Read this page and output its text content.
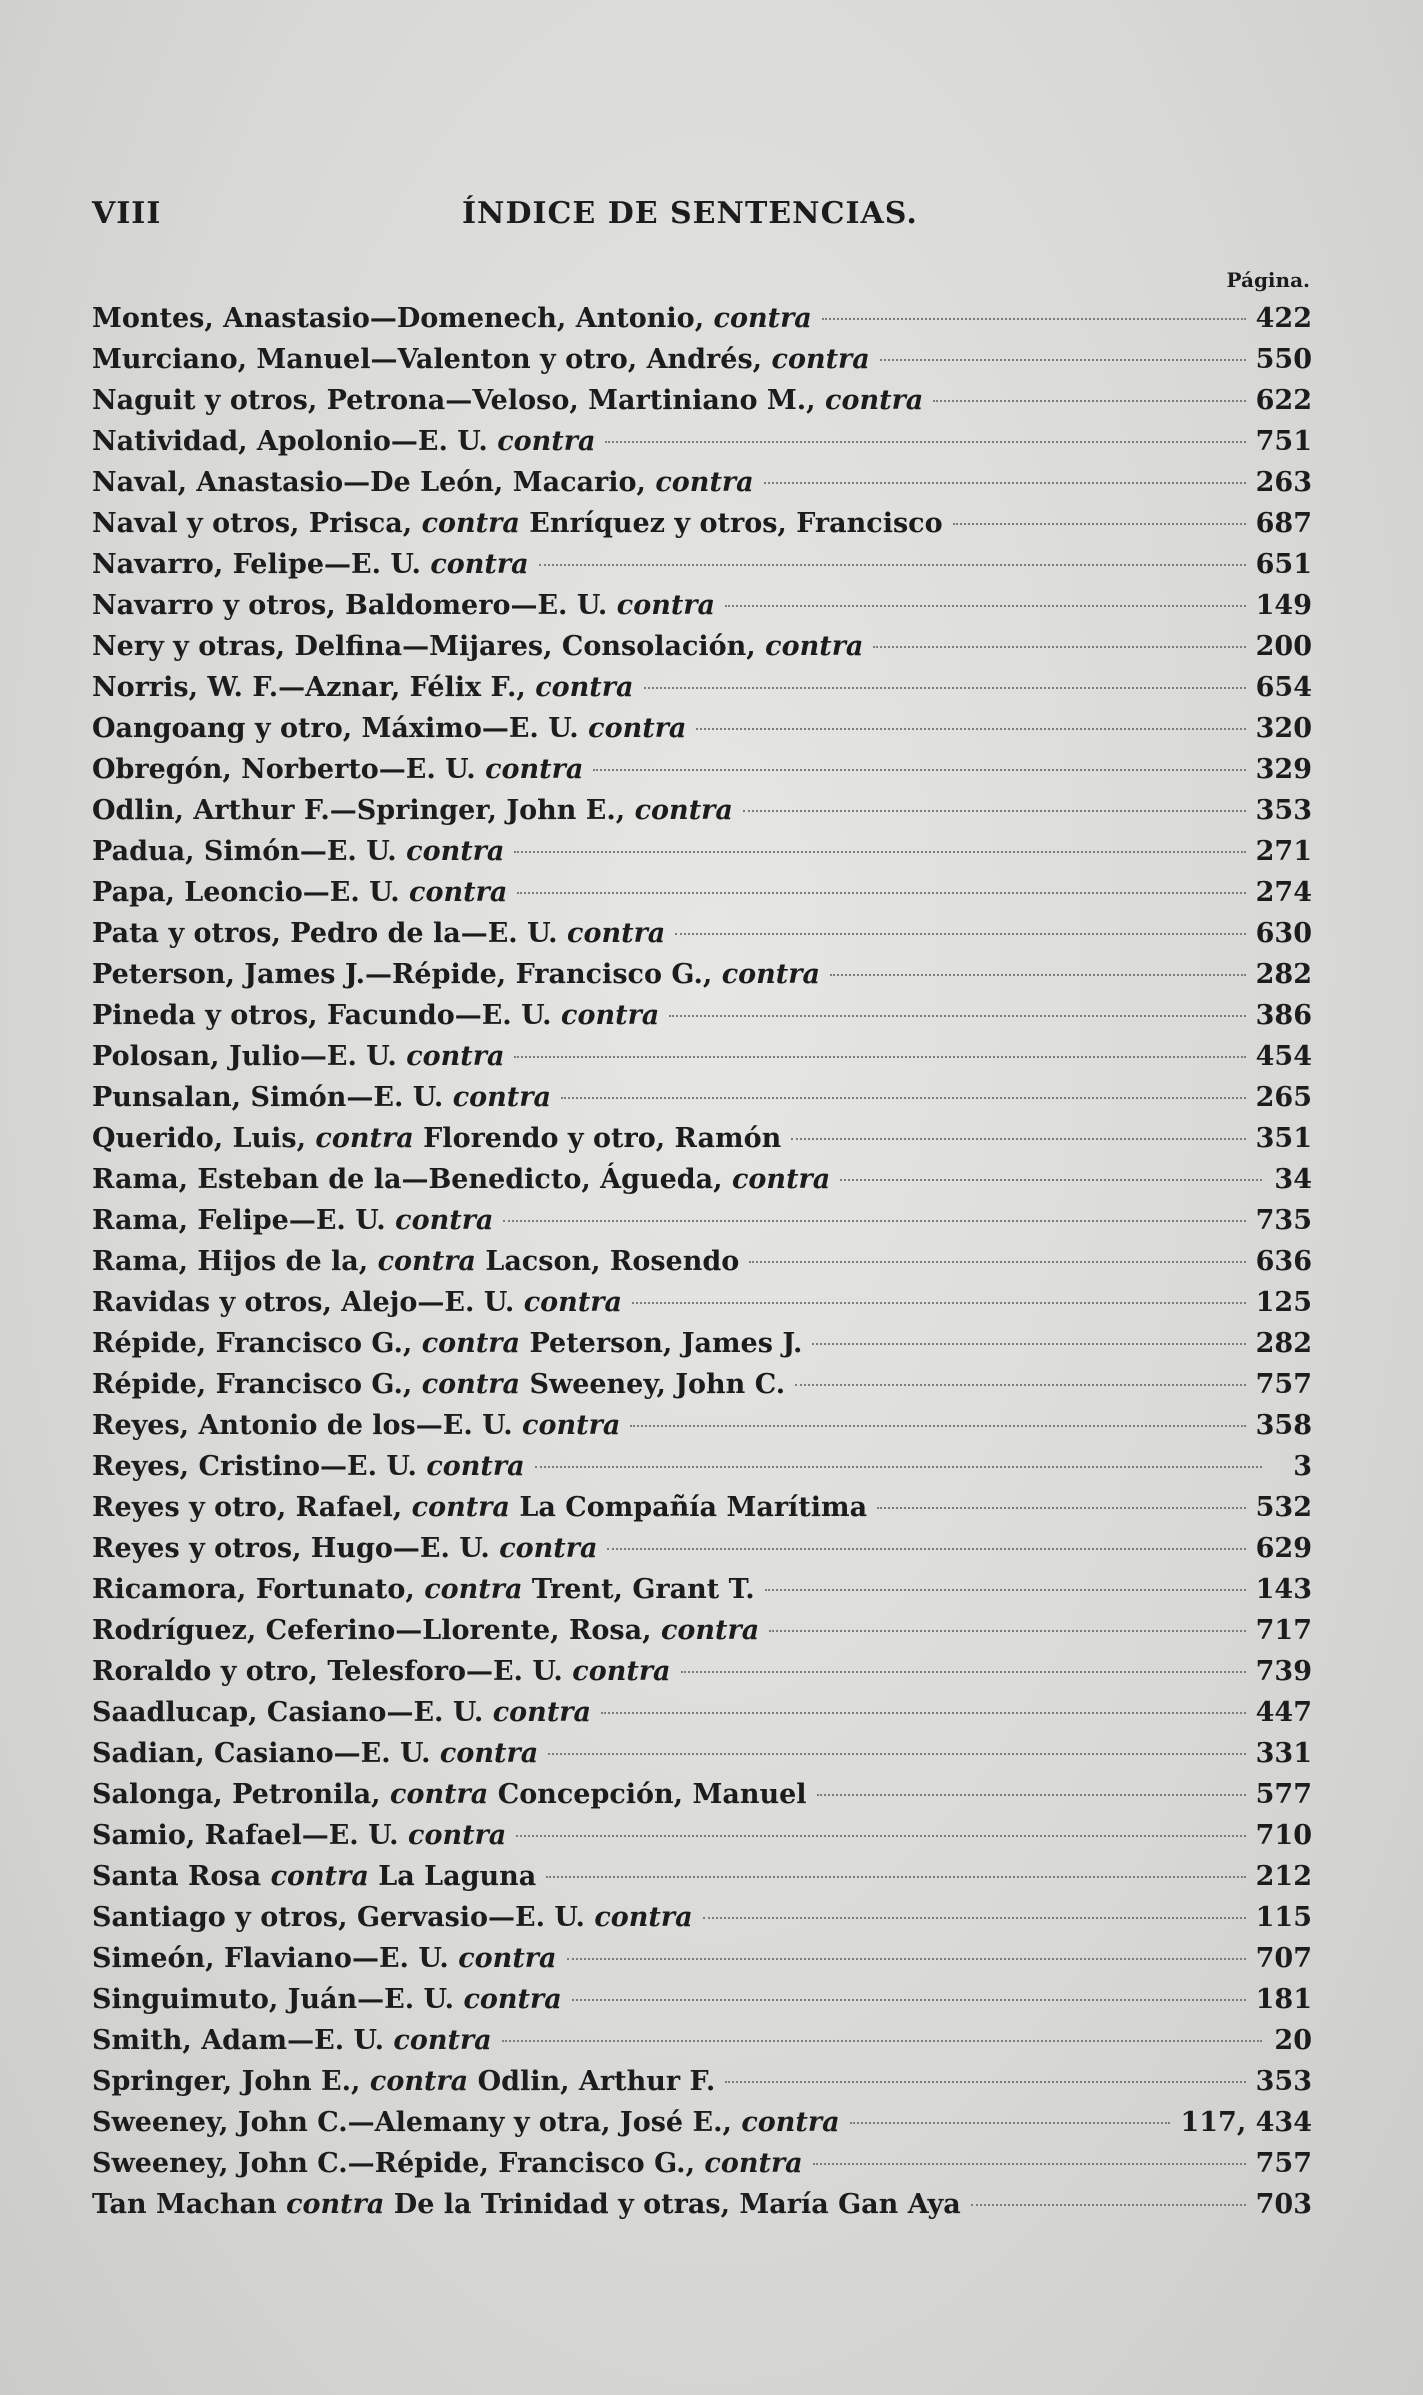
VIII	ÍNDICE DE SENTENCIAS.
Página.
Montes, Anastasio—Domenech, Antonio, contra	422
Murciano, Manuel—Valenton y otro, Andrés, contra	550
Naguit y otros, Petrona—Veloso, Martiniano M., contra	622
Natividad, Apolonio—E. U. contra	751
Naval, Anastasio—De León, Macario, contra	263
Naval y otros, Prisca, contra Enríquez y otros, Francisco	687
Navarro, Felipe—E. U. contra	651
Navarro y otros, Baldomero—E. U. contra	149
Nery y otras, Delfina—Mijares, Consolación, contra	200
Norris, W. F.—Aznar, Félix F., contra	654
Oangoang y otro, Máximo—E. U. contra	320
Obregón, Norberto—E. U. contra	329
Odlin, Arthur F.—Springer, John E., contra	353
Padua, Simón—E. U. contra	271
Papa, Leoncio—E. U. contra	274
Pata y otros, Pedro de la—E. U. contra	630
Peterson, James J.—Répide, Francisco G., contra	282
Pineda y otros, Facundo—E. U. contra	386
Polosan, Julio—E. U. contra	454
Punsalan, Simón—E. U. contra	265
Querido, Luis, contra Florendo y otro, Ramón	351
Rama, Esteban de la—Benedicto, Águeda, contra	34
Rama, Felipe—E. U. contra	735
Rama, Hijos de la, contra Lacson, Rosendo	636
Ravidas y otros, Alejo—E. U. contra	125
Répide, Francisco G., contra Peterson, James J.	282
Répide, Francisco G., contra Sweeney, John C.	757
Reyes, Antonio de los—E. U. contra	358
Reyes, Cristino—E. U. contra	3
Reyes y otro, Rafael, contra La Compañía Marítima	532
Reyes y otros, Hugo—E. U. contra	629
Ricamora, Fortunato, contra Trent, Grant T.	143
Rodríguez, Ceferino—Llorente, Rosa, contra	717
Roraldo y otro, Telesforo—E. U. contra	739
Saadlucap, Casiano—E. U. contra	447
Sadian, Casiano—E. U. contra	331
Salonga, Petronila, contra Concepción, Manuel	577
Samio, Rafael—E. U. contra	710
Santa Rosa contra La Laguna	212
Santiago y otros, Gervasio—E. U. contra	115
Simeón, Flaviano—E. U. contra	707
Singuimuto, Juán—E. U. contra	181
Smith, Adam—E. U. contra	20
Springer, John E., contra Odlin, Arthur F.	353
Sweeney, John C.—Alemany y otra, José E., contra	117, 434
Sweeney, John C.—Répide, Francisco G., contra	757
Tan Machan contra De la Trinidad y otras, María Gan Aya	703
